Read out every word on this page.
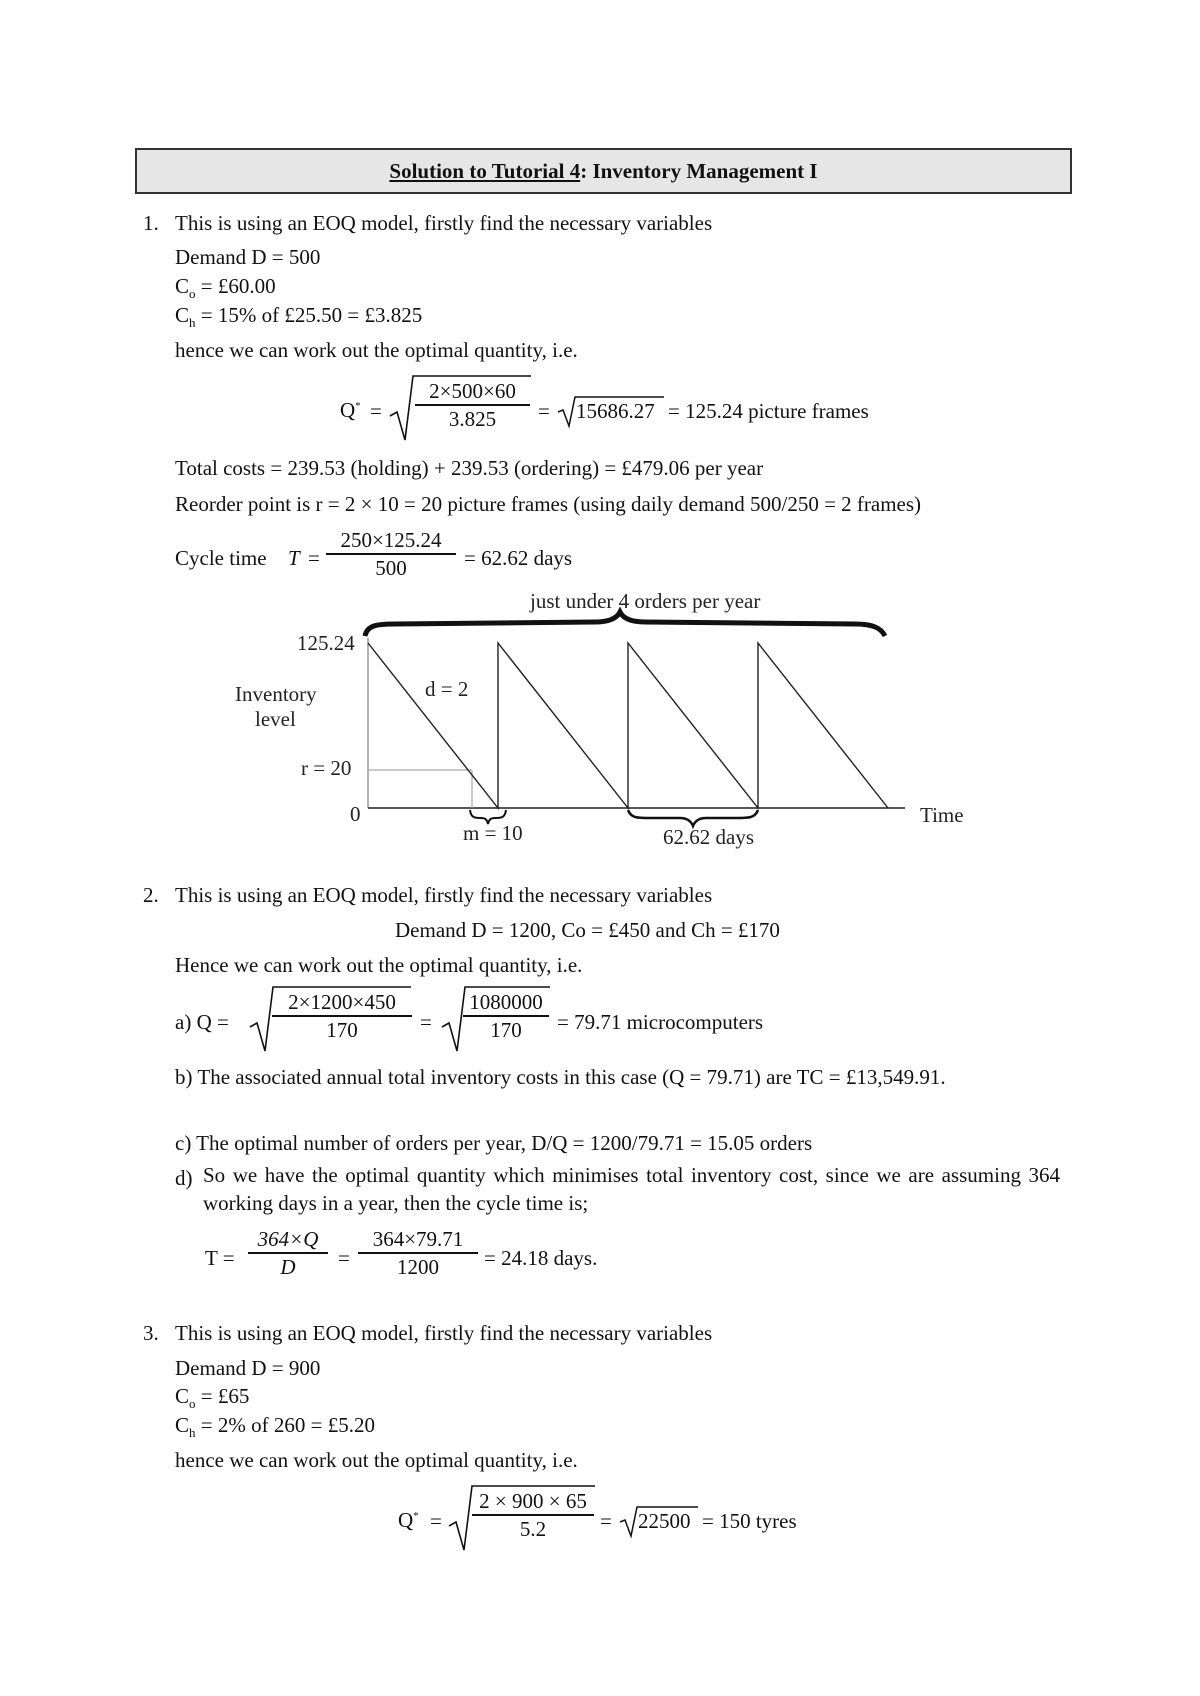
Solution to Tutorial 4 : Inventory Management I
1. This is using an EOQ model, firstly find the necessary variables
Demand D = 500
$C_o$ = £60.00
$C_h = 15\%$ of £25.50 = £3.825
hence we can work out the optimal quantity, i.e.
Q* =
2×500×60
3.825 = 15686.27 = 125.24 picture frames
Total costs = 239.53 (holding) + 239.53 (ordering) = £479.06 per year
Reorder point is r = 2 × 10 = 20 picture frames (using daily demand 500/250 = 2 frames)
Cycle time T =
250×125.24
500	= 62.62 days
just under 4 orders per year
125.24
Inventory
level
r = 20
0
d = 2
m = 10	62.62 days
Time
2. This is using an EOQ model, firstly find the necessary variables
Demand D = 1200, Co = £450 and Ch = £170
Hence we can work out the optimal quantity, i.e.
a) Q =
2×1200×450
170	=
1080000
170 = 79.71 microcomputers
b) The associated annual total inventory costs in this case (Q = 79.71) are TC = £13,549.91.
c) The optimal number of orders per year, D/Q = 1200/79.71 = 15.05 orders
d) So we have the optimal quantity which minimises total inventory cost, since we are assuming 364 working days in a year, then the cycle time is;
T =
364×Q
D =
364×79.71
1200 = 24.18 days.
3. This is using an EOQ model, firstly find the necessary variables
Demand D = 900
$C_o$ = £65
$C_h = 2\%$ of 260 = £5.20
hence we can work out the optimal quantity, i.e.
Q* =
2 × 900 × 65
5.2	= 22500 = 150 tyres
